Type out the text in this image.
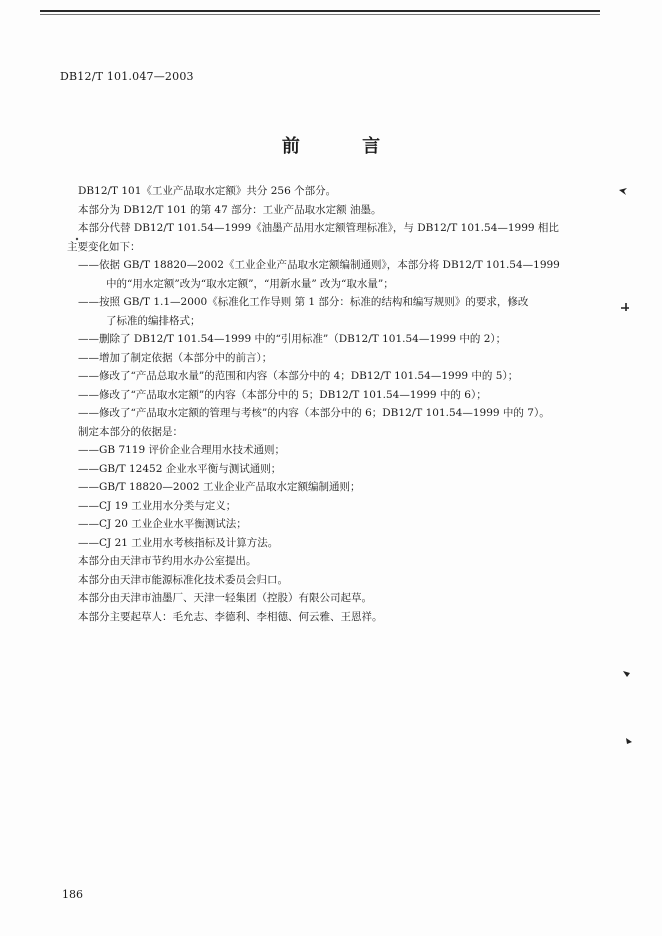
DB12/T 101.047—2003
前 言
DB12/T 101《工业产品取水定额》共分 256 个部分。
本部分为 DB12/T 101 的第 47 部分：工业产品取水定额 油墨。
本部分代替 DB12/T 101.54—1999《油墨产品用水定额管理标准》，与 DB12/T 101.54—1999 相比
主要变化如下：
——依据 GB/T 18820—2002《工业企业产品取水定额编制通则》，本部分将 DB12/T 101.54—1999
中的“用水定额”改为“取水定额”，“用新水量” 改为“取水量”；
——按照 GB/T 1.1—2000《标准化工作导则 第 1 部分：标准的结构和编写规则》的要求，修改
了标准的编排格式；
——删除了 DB12/T 101.54—1999 中的“引用标准”（DB12/T 101.54—1999 中的 2）；
——增加了制定依据（本部分中的前言）；
——修改了“产品总取水量”的范围和内容（本部分中的 4；DB12/T 101.54—1999 中的 5）；
——修改了“产品取水定额”的内容（本部分中的 5；DB12/T 101.54—1999 中的 6）；
——修改了“产品取水定额的管理与考核”的内容（本部分中的 6；DB12/T 101.54—1999 中的 7）。
制定本部分的依据是：
——GB 7119 评价企业合理用水技术通则；
——GB/T 12452 企业水平衡与测试通则；
——GB/T 18820—2002 工业企业产品取水定额编制通则；
——CJ 19 工业用水分类与定义；
——CJ 20 工业企业水平衡测试法；
——CJ 21 工业用水考核指标及计算方法。
本部分由天津市节约用水办公室提出。
本部分由天津市能源标准化技术委员会归口。
本部分由天津市油墨厂、天津一轻集团（控股）有限公司起草。
本部分主要起草人：毛允志、李德利、李相德、何云雅、王恩祥。
186
